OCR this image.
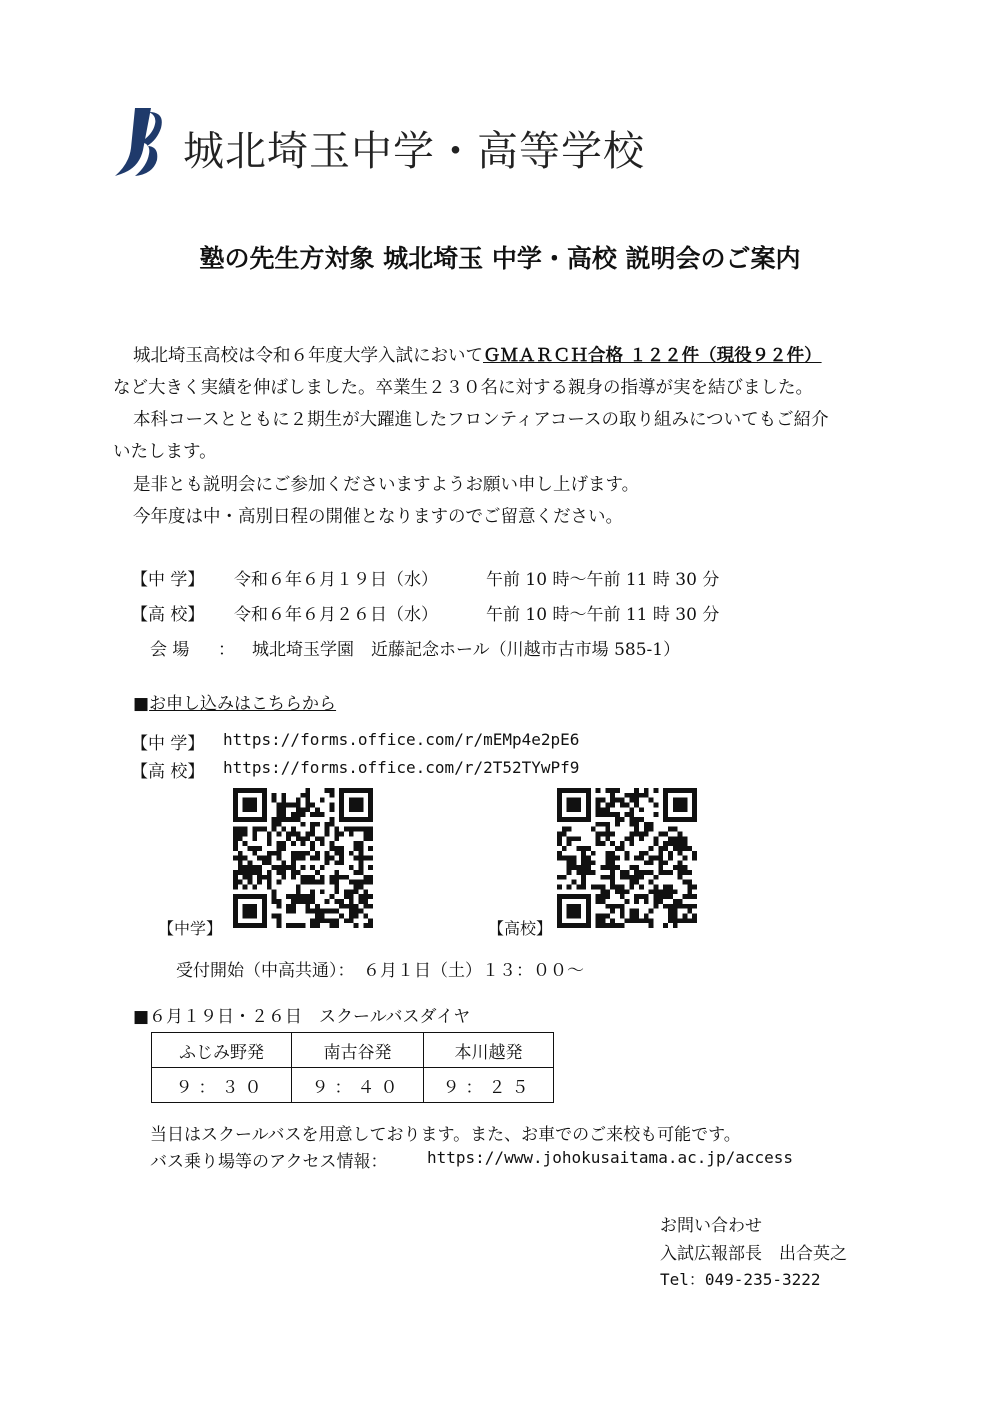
城北埼玉中学・高等学校
塾の先生方対象 城北埼玉 中学・高校 説明会のご案内
城北埼玉高校は令和６年度大学入試においてＧＭＡＲＣＨ合格 １２２件（現役９２件）
など大きく実績を伸ばしました。卒業生２３０名に対する親身の指導が実を結びました。
本科コースとともに２期生が大躍進したフロンティアコースの取り組みについてもご紹介
いたします。
是非とも説明会にご参加くださいますようお願い申し上げます。
今年度は中・高別日程の開催となりますのでご留意ください。
【中 学】 令和６年６月１９日（水）	午前 10 時～午前 11 時 30 分
【高 校】 令和６年６月２６日（水）	午前 10 時～午前 11 時 30 分
会 場 ： 城北埼玉学園　近藤記念ホール（川越市古市場 585-1）
■お申し込みはこちらから
【中 学】 https://forms.office.com/r/mEMp4e2pE6
【高 校】 https://forms.office.com/r/2T52TYwPf9
【中学】	【高校】
受付開始（中高共通）：　６月１日（土）１３：００～
■６月１９日・２６日　スクールバスダイヤ
ふじみ野発	南古谷発	本川越発
９：３０	９：４０	９：２５
当日はスクールバスを用意しております。また、お車でのご来校も可能です。
バス乗り場等のアクセス情報： https://www.johokusaitama.ac.jp/access
お問い合わせ
入試広報部長　出合英之
Tel：049-235-3222
